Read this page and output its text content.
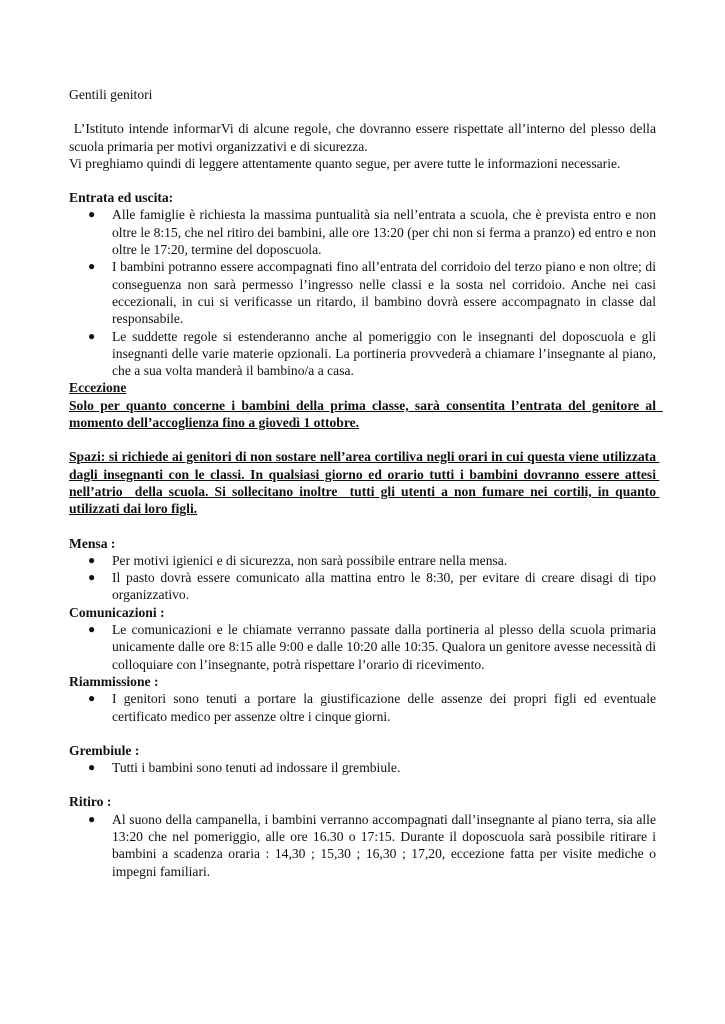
Gentili genitori

L’Istituto intende informarVi di alcune regole, che dovranno essere rispettate all’interno del plesso della scuola primaria per motivi organizzativi e di sicurezza.

Vi preghiamo quindi di leggere attentamente quanto segue, per avere tutte le informazioni necessarie.

Entrata ed uscita:

● Alle famiglie è richiesta la massima puntualità sia nell’entrata a scuola, che è prevista entro e non oltre le 8:15, che nel ritiro dei bambini, alle ore 13:20 (per chi non si ferma a pranzo) ed entro e non oltre le 17:20, termine del doposcuola.
● I bambini potranno essere accompagnati fino all’entrata del corridoio del terzo piano e non oltre; di conseguenza non sarà permesso l’ingresso nelle classi e la sosta nel corridoio. Anche nei casi eccezionali, in cui si verificasse un ritardo, il bambino dovrà essere accompagnato in classe dal responsabile.
● Le suddette regole si estenderanno anche al pomeriggio con le insegnanti del doposcuola e gli insegnanti delle varie materie opzionali. La portineria provvederà a chiamare l’insegnante al piano, che a sua volta manderà il bambino/a a casa.

Eccezione

Solo per quanto concerne i bambini della prima classe, sarà consentita l’entrata del genitore al  momento dell’accoglienza fino a giovedì 1 ottobre.

Spazi: si richiede ai genitori di non sostare nell’area cortiliva negli orari in cui questa viene utilizzata dagli insegnanti con le classi. In qualsiasi giorno ed orario tutti i bambini dovranno essere attesi nell’atrio  della scuola. Si sollecitano inoltre  tutti gli utenti a non fumare nei cortili, in quanto utilizzati dai loro figli.

Mensa :

● Per motivi igienici e di sicurezza, non sarà possibile entrare nella mensa.
● Il pasto dovrà essere comunicato alla mattina entro le 8:30, per evitare di creare disagi di tipo organizzativo.

Comunicazioni :

● Le comunicazioni e le chiamate verranno passate dalla portineria al plesso della scuola primaria unicamente dalle ore 8:15 alle 9:00 e dalle 10:20 alle 10:35. Qualora un genitore avesse necessità di colloquiare con l’insegnante, potrà rispettare l’orario di ricevimento.

Riammissione :

● I genitori sono tenuti a portare la giustificazione delle assenze dei propri figli ed eventuale certificato medico per assenze oltre i cinque giorni.

Grembiule :

● Tutti i bambini sono tenuti ad indossare il grembiule.

Ritiro :

● Al suono della campanella, i bambini verranno accompagnati dall’insegnante al piano terra, sia alle 13:20 che nel pomeriggio, alle ore 16.30 o 17:15. Durante il doposcuola sarà possibile ritirare i bambini a scadenza oraria : 14,30 ; 15,30 ; 16,30 ; 17,20, eccezione fatta per visite mediche o impegni familiari.
